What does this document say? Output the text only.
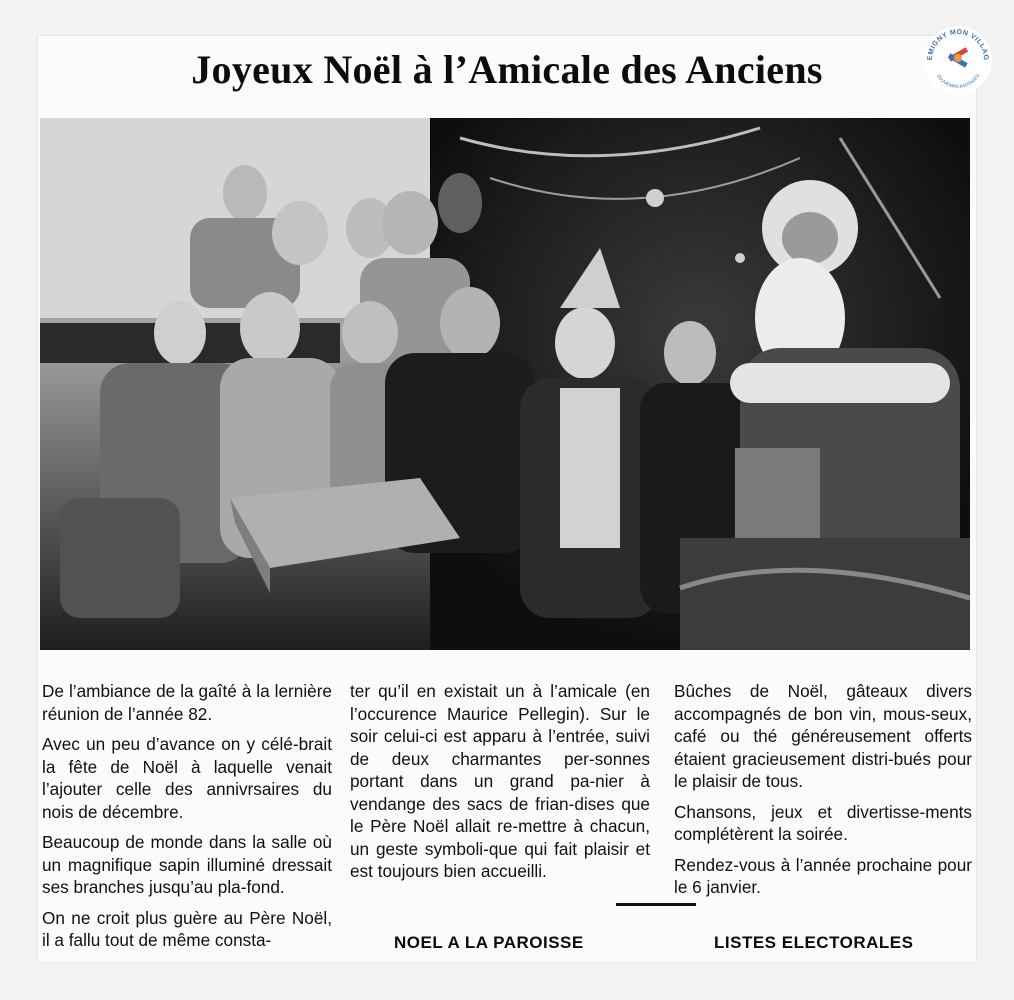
Joyeux Noël à l’Amicale des Anciens

De l’ambiance de la gaîté à la lernière réunion de l’année 82.

Avec un peu d’avance on y célé-brait la fête de Noël à laquelle venait l’ajouter celle des annivrsaires du nois de décembre.

Beaucoup de monde dans la salle où un magnifique sapin illuminé dressait ses branches jusqu’au pla-fond.

On ne croit plus guère au Père Noël, il a fallu tout de même consta-

ter qu’il en existait un à l’amicale (en l’occurence Maurice Pellegin). Sur le soir celui-ci est apparu à l’entrée, suivi de deux charmantes per-sonnes portant dans un grand pa-nier à vendange des sacs de frian-dises que le Père Noël allait re-mettre à chacun, un geste symboli-que qui fait plaisir et est toujours bien accueilli.

Bûches de Noël, gâteaux divers accompagnés de bon vin, mous-seux, café ou thé généreusement offerts étaient gracieusement distri-bués pour le plaisir de tous.

Chansons, jeux et divertisse-ments complétèrent la soirée.

Rendez-vous à l’année prochaine pour le 6 janvier.

NOEL A LA PAROISSE	LISTES ELECTORALES
EMIGNY MON VILLAG
SOUVENIRS PARTAGÉS
